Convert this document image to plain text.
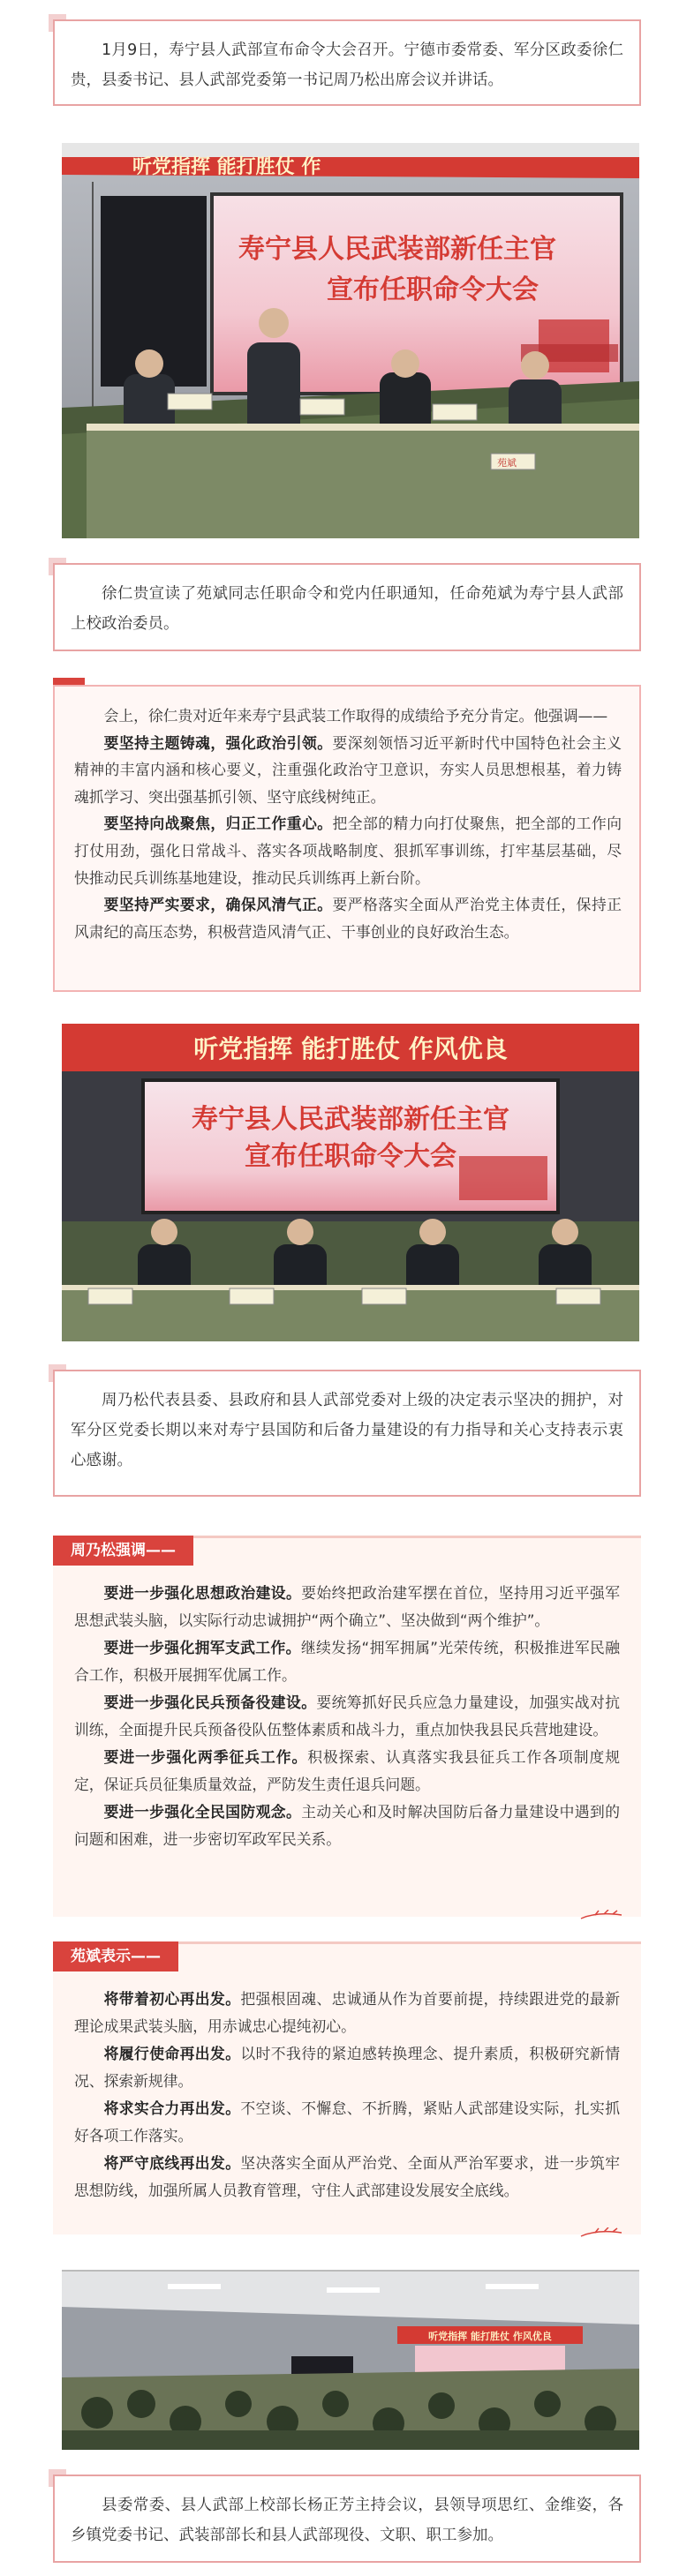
1月9日，寿宁县人武部宣布命令大会召开。宁德市委常委、军分区政委徐仁贵，县委书记、县人武部党委第一书记周乃松出席会议并讲话。
听党指挥 能打胜仗 作
寿宁县人民武装部新任主官
宣布任职命令大会
苑斌
徐仁贵宣读了苑斌同志任职命令和党内任职通知，任命苑斌为寿宁县人武部上校政治委员。

会上，徐仁贵对近年来寿宁县武装工作取得的成绩给予充分肯定。他强调——

要坚持主题铸魂，强化政治引领。要深刻领悟习近平新时代中国特色社会主义精神的丰富内涵和核心要义，注重强化政治守卫意识，夯实人员思想根基，着力铸魂抓学习、突出强基抓引领、坚守底线树纯正。

要坚持向战聚焦，归正工作重心。把全部的精力向打仗聚焦，把全部的工作向打仗用劲，强化日常战斗、落实各项战略制度、狠抓军事训练，打牢基层基础，尽快推动民兵训练基地建设，推动民兵训练再上新台阶。

要坚持严实要求，确保风清气正。要严格落实全面从严治党主体责任，保持正风肃纪的高压态势，积极营造风清气正、干事创业的良好政治生态。

听党指挥 能打胜仗 作风优良
寿宁县人民武装部新任主官
宣布任职命令大会
周乃松代表县委、县政府和县人武部党委对上级的决定表示坚决的拥护，对军分区党委长期以来对寿宁县国防和后备力量建设的有力指导和关心支持表示衷心感谢。
周乃松强调——

要进一步强化思想政治建设。要始终把政治建军摆在首位，坚持用习近平强军思想武装头脑，以实际行动忠诚拥护“两个确立”、坚决做到“两个维护”。

要进一步强化拥军支武工作。继续发扬“拥军拥属”光荣传统，积极推进军民融合工作，积极开展拥军优属工作。

要进一步强化民兵预备役建设。要统筹抓好民兵应急力量建设，加强实战对抗训练，全面提升民兵预备役队伍整体素质和战斗力，重点加快我县民兵营地建设。

要进一步强化两季征兵工作。积极探索、认真落实我县征兵工作各项制度规定，保证兵员征集质量效益，严防发生责任退兵问题。

要进一步强化全民国防观念。主动关心和及时解决国防后备力量建设中遇到的问题和困难，进一步密切军政军民关系。

苑斌表示——

将带着初心再出发。把强根固魂、忠诚通从作为首要前提，持续跟进党的最新理论成果武装头脑，用赤诚忠心提纯初心。

将履行使命再出发。以时不我待的紧迫感转换理念、提升素质，积极研究新情况、探索新规律。

将求实合力再出发。不空谈、不懈怠、不折腾，紧贴人武部建设实际，扎实抓好各项工作落实。

将严守底线再出发。坚决落实全面从严治党、全面从严治军要求，进一步筑牢思想防线，加强所属人员教育管理，守住人武部建设发展安全底线。

听党指挥 能打胜仗 作风优良
县委常委、县人武部上校部长杨正芳主持会议，县领导项思红、金维姿，各乡镇党委书记、武装部部长和县人武部现役、文职、职工参加。
